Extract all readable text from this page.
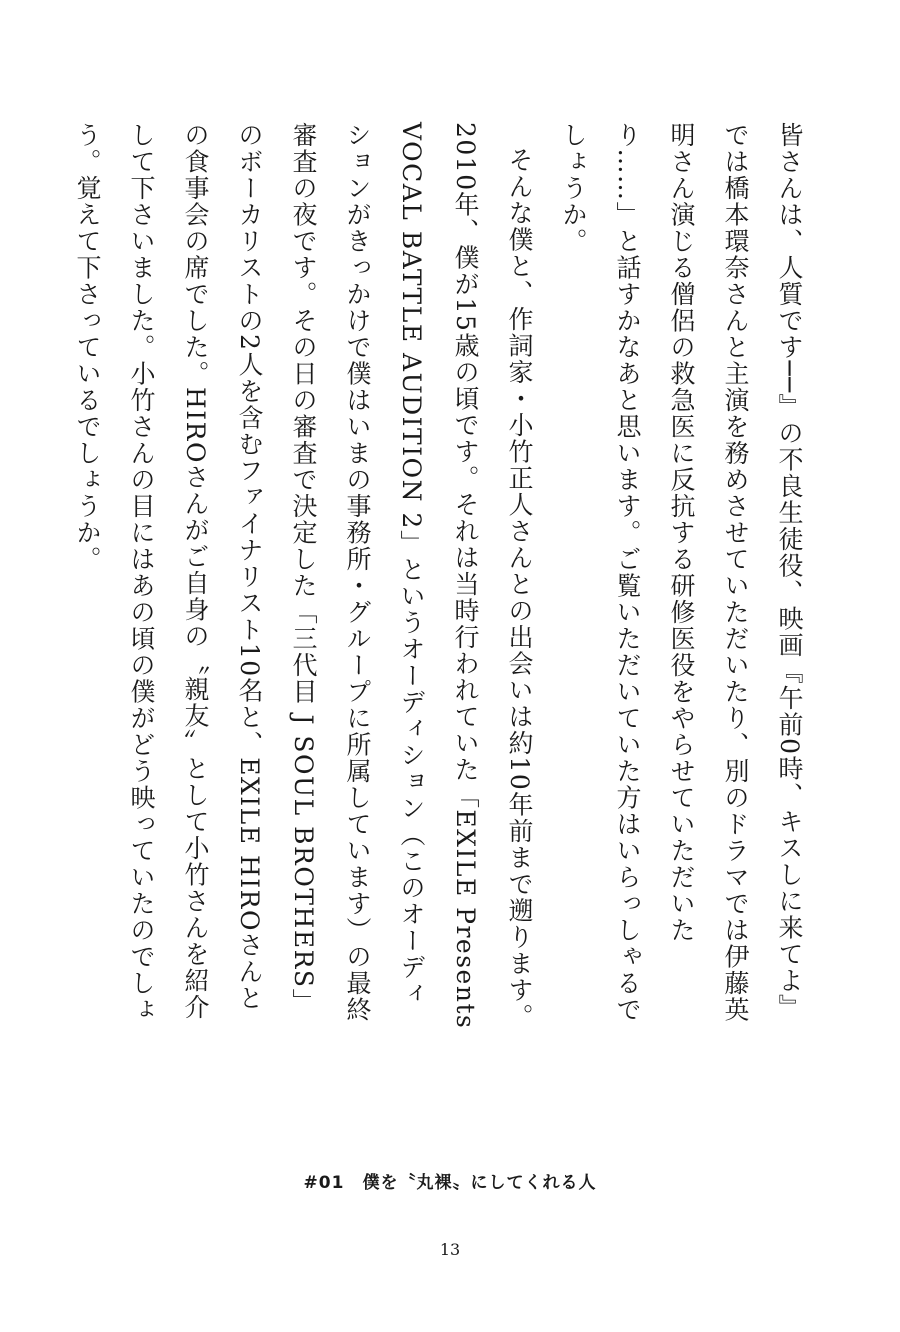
皆さんは、人質です──』の不良生徒役、映画『午前0時、キスしに来てよ』では橋本環奈さんと主演を務めさせていただいたり、別のドラマでは伊藤英明さん演じる僧侶の救急医に反抗する研修医役をやらせていただいたり……」と話すかなあと思います。ご覧いただいていた方はいらっしゃるでしょうか。

そんな僕と、作詞家・小竹正人さんとの出会いは約10年前まで遡ります。2010年、僕が15歳の頃です。それは当時行われていた「EXILE Presents VOCAL BATTLE AUDITION 2」というオーディション（このオーディションがきっかけで僕はいまの事務所・グループに所属しています）の最終審査の夜です。その日の審査で決定した「三代目 J SOUL BROTHERS」のボーカリストの2人を含むファイナリスト10名と、EXILE HIROさんとの食事会の席でした。HIROさんがご自身の〝親友〟として小竹さんを紹介して下さいました。小竹さんの目にはあの頃の僕がどう映っていたのでしょう。覚えて下さっているでしょうか。

#01 僕を〝丸裸〟にしてくれる人
13
